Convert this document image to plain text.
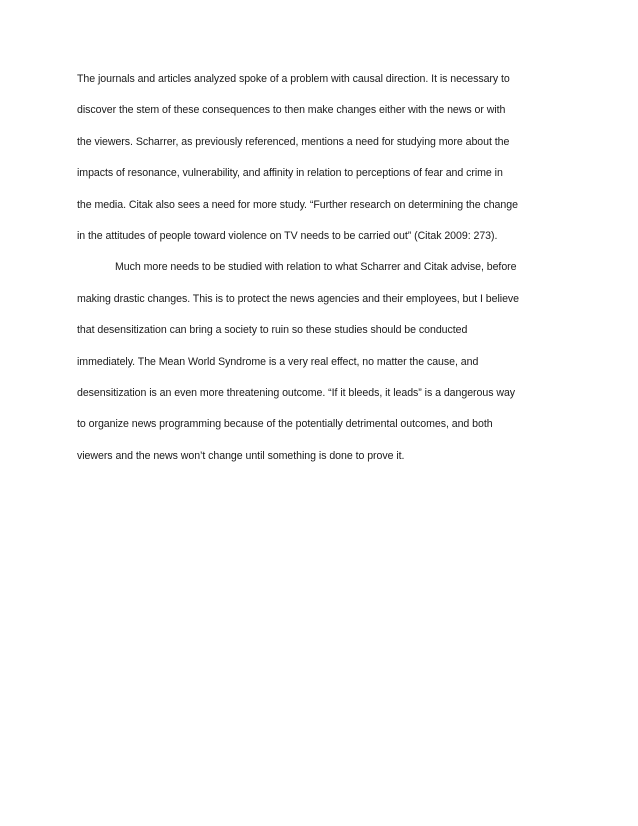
The journals and articles analyzed spoke of a problem with causal direction. It is necessary to
discover the stem of these consequences to then make changes either with the news or with
the viewers. Scharrer, as previously referenced, mentions a need for studying more about the
impacts of resonance, vulnerability, and affinity in relation to perceptions of fear and crime in
the media. Citak also sees a need for more study. “Further research on determining the change
in the attitudes of people toward violence on TV needs to be carried out” (Citak 2009: 273).
Much more needs to be studied with relation to what Scharrer and Citak advise, before
making drastic changes. This is to protect the news agencies and their employees, but I believe
that desensitization can bring a society to ruin so these studies should be conducted
immediately. The Mean World Syndrome is a very real effect, no matter the cause, and
desensitization is an even more threatening outcome. “If it bleeds, it leads” is a dangerous way
to organize news programming because of the potentially detrimental outcomes, and both
viewers and the news won’t change until something is done to prove it.
